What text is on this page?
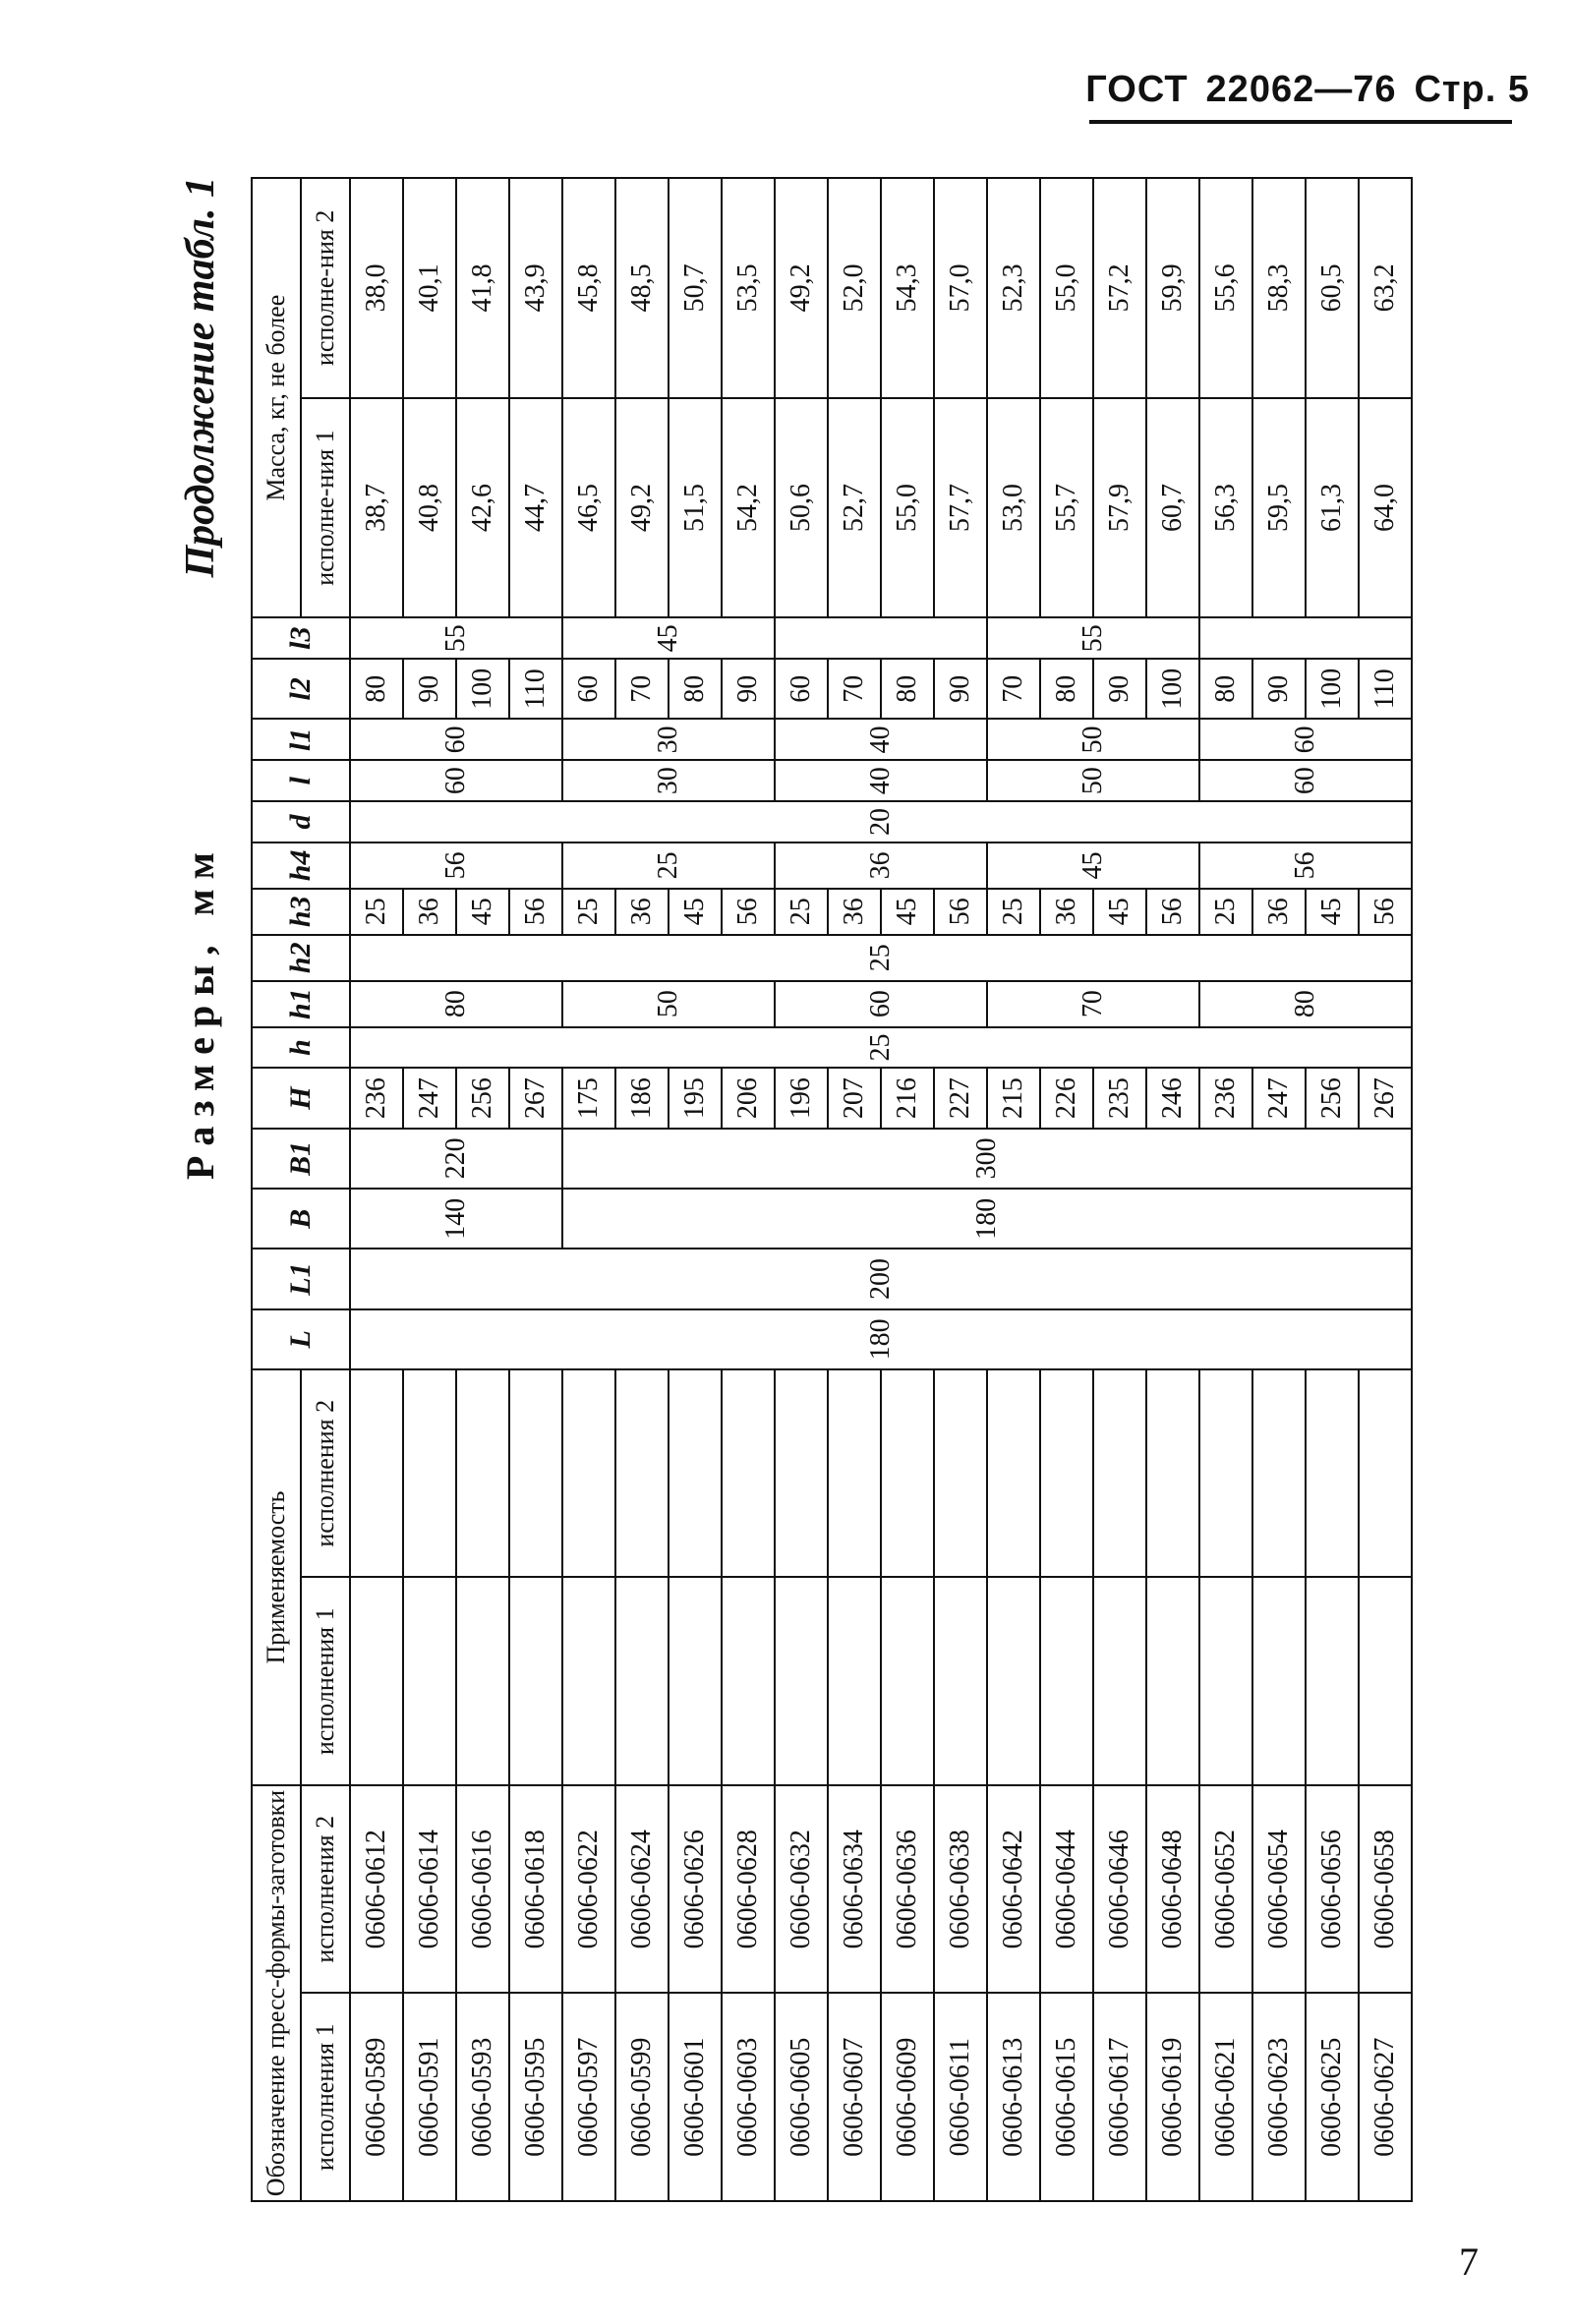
ГОСТ 22062—76 Стр. 5
Продолжение табл. 1
Размеры, мм
Обозначение пресс-формы-заготовки		Применяемость		L	L1	B	B1	H	h	h1	h2	h3	h4	d	l	l1	l2	l3	Масса, кг, не более	
исполнения 1	исполнения 2	исполнения 1	исполнения 2																исполне-ния 1	исполне-ния 2
0606-0589	0606-0612			180	200	140	220	236	25	80	25	25	56	20	60	60	80	55	38,7	38,0
0606-0591	0606-0614							247				36					90		40,8	40,1
0606-0593	0606-0616							256				45					100		42,6	41,8
0606-0595	0606-0618							267				56					110		44,7	43,9
0606-0597	0606-0622					180	300	175		50		25	25		30	30	60	45	46,5	45,8
0606-0599	0606-0624							186				36					70		49,2	48,5
0606-0601	0606-0626							195				45					80		51,5	50,7
0606-0603	0606-0628							206				56					90		54,2	53,5
0606-0605	0606-0632							196		60		25	36		40	40	60		50,6	49,2
0606-0607	0606-0634							207				36					70		52,7	52,0
0606-0609	0606-0636							216				45					80		55,0	54,3
0606-0611	0606-0638							227				56					90		57,7	57,0
0606-0613	0606-0642							215		70		25	45		50	50	70	55	53,0	52,3
0606-0615	0606-0644							226				36					80		55,7	55,0
0606-0617	0606-0646							235				45					90		57,9	57,2
0606-0619	0606-0648							246				56					100		60,7	59,9
0606-0621	0606-0652							236		80		25	56		60	60	80		56,3	55,6
0606-0623	0606-0654							247				36					90		59,5	58,3
0606-0625	0606-0656							256				45					100		61,3	60,5
0606-0627	0606-0658							267				56					110		64,0	63,2
7
